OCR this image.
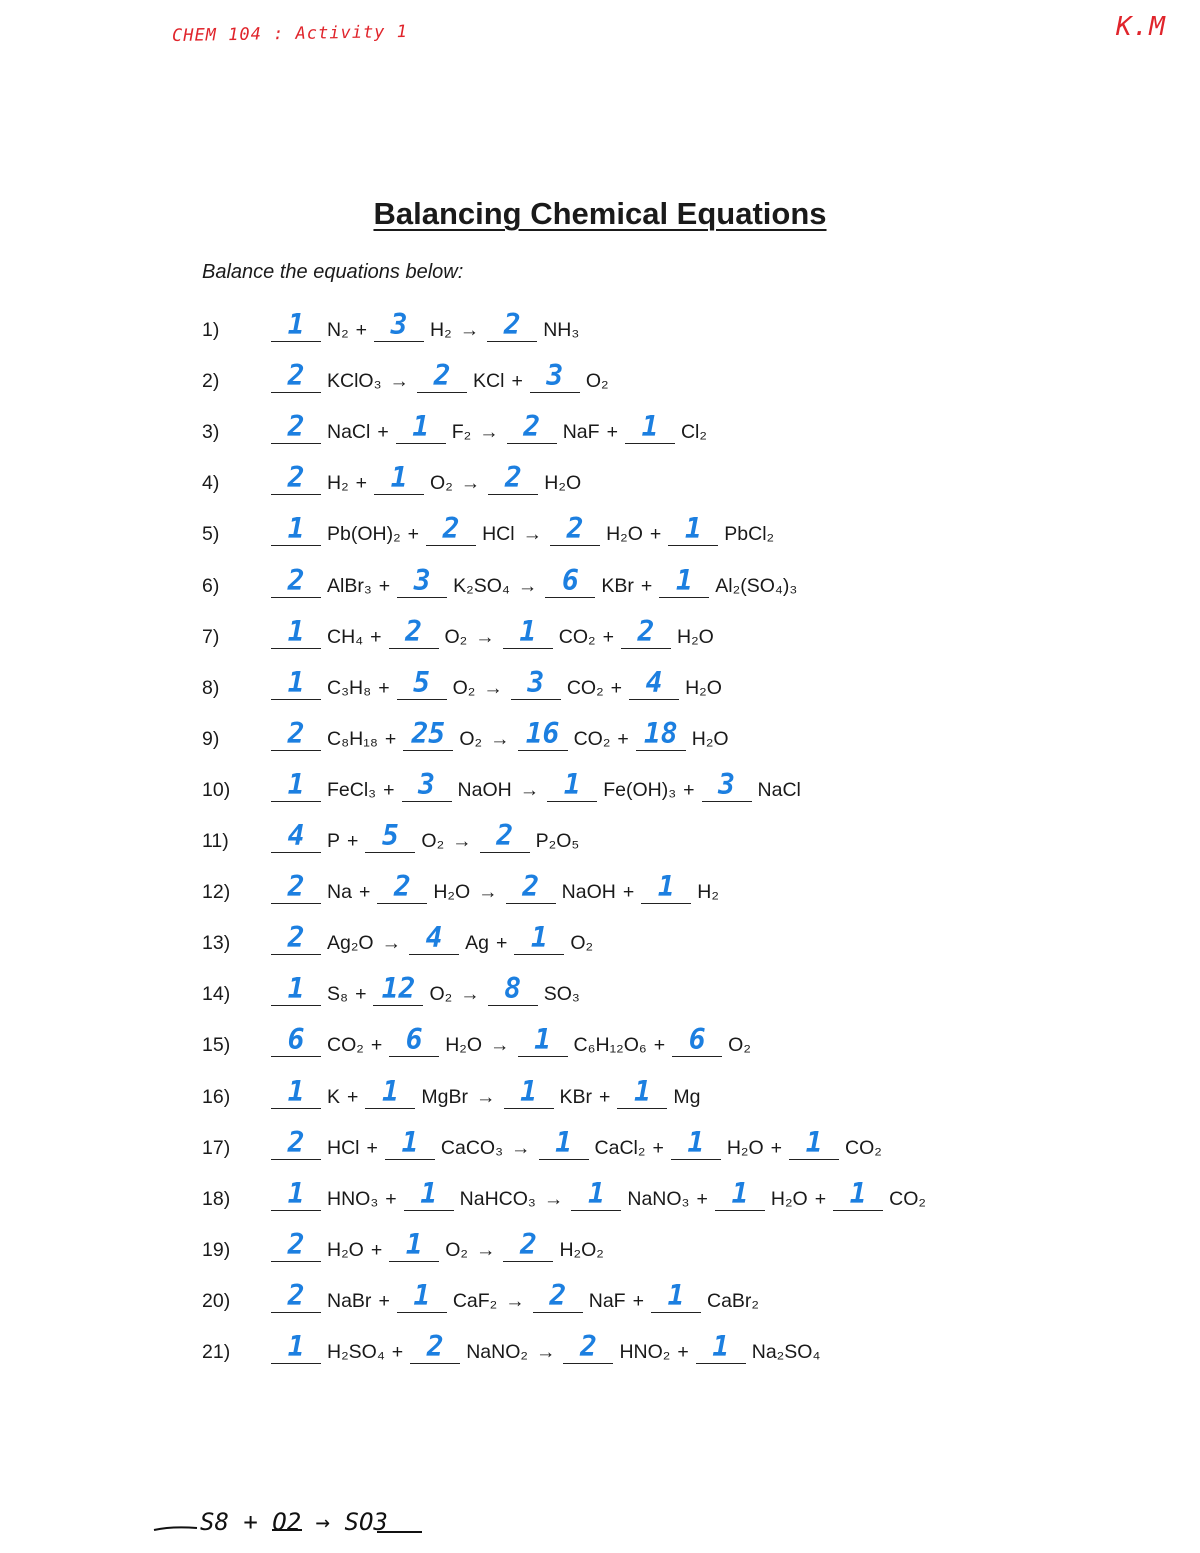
CHEM 104 : Activity 1	K.M
Balancing Chemical Equations
Balance the equations below:
1)	1	N₂ + 3	H₂ → 2	NH₃
2)	2	KClO₃ → 2	KCl + 3	O₂
3)	2	NaCl + 1	F₂ → 2	NaF + 1	Cl₂
4)	2	H₂ + 1	O₂ → 2	H₂O
5)	1	Pb(OH)₂ + 2	HCl → 2	H₂O + 1	PbCl₂
6)	2	AlBr₃ + 3	K₂SO₄ → 6	KBr + 1	Al₂(SO₄)₃
7)	1	CH₄ + 2	O₂ → 1	CO₂ + 2	H₂O
8)	1	C₃H₈ + 5	O₂ → 3	CO₂ + 4	H₂O
9)	2	C₈H₁₈ + 25 O₂ → 16 CO₂ + 18 H₂O
10)	1	FeCl₃ + 3	NaOH → 1	Fe(OH)₃ + 3	NaCl
11)	4	P + 5	O₂ → 2	P₂O₅
12)	2	Na + 2	H₂O → 2	NaOH + 1	H₂
13)	2	Ag₂O → 4	Ag + 1	O₂
14)	1	S₈ + 12 O₂ → 8	SO₃
15)	6	CO₂ + 6	H₂O → 1	C₆H₁₂O₆ + 6	O₂
16)	1	K + 1	MgBr → 1	KBr + 1	Mg
17)	2	HCl + 1	CaCO₃ → 1	CaCl₂ + 1	H₂O + 1	CO₂
18)	1	HNO₃ + 1	NaHCO₃ → 1	NaNO₃ + 1	H₂O + 1	CO₂
19)	2	H₂O + 1	O₂ → 2	H₂O₂
20)	2	NaBr + 1	CaF₂ → 2	NaF + 1	CaBr₂
21)	1	H₂SO₄ + 2	NaNO₂ → 2	HNO₂ + 1	Na₂SO₄
S8 + O2 → SO3
